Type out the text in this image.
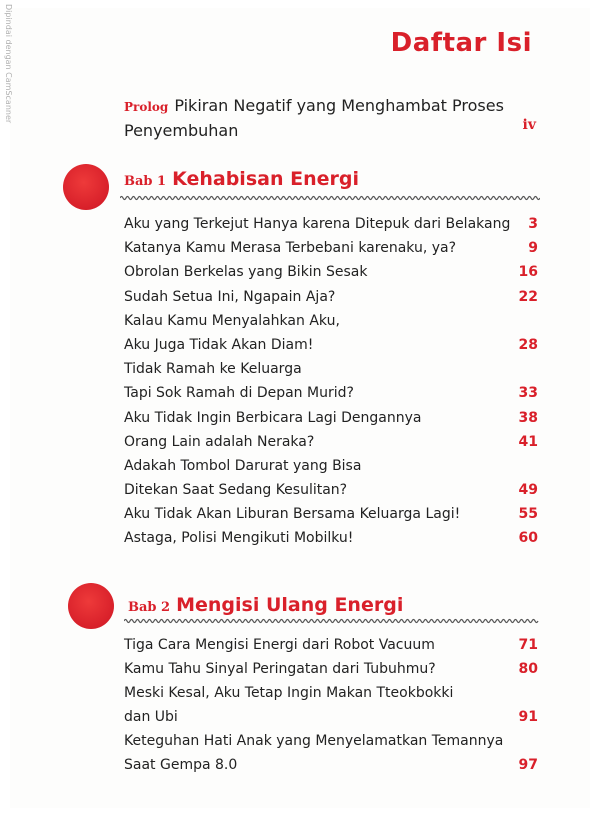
Dipindai dengan CamScanner	Daftar Isi
Prolog Pikiran Negatif yang Menghambat Proses Penyembuhan	iv
Bab 1 Kehabisan Energi
Aku yang Terkejut Hanya karena Ditepuk dari Belakang	3
Katanya Kamu Merasa Terbebani karenaku, ya?	9
Obrolan Berkelas yang Bikin Sesak	16
Sudah Setua Ini, Ngapain Aja?	22
Kalau Kamu Menyalahkan Aku,
Aku Juga Tidak Akan Diam!	28
Tidak Ramah ke Keluarga
Tapi Sok Ramah di Depan Murid?	33
Aku Tidak Ingin Berbicara Lagi Dengannya	38
Orang Lain adalah Neraka?	41
Adakah Tombol Darurat yang Bisa
Ditekan Saat Sedang Kesulitan?	49
Aku Tidak Akan Liburan Bersama Keluarga Lagi!	55
Astaga, Polisi Mengikuti Mobilku!	60
Bab 2 Mengisi Ulang Energi
Tiga Cara Mengisi Energi dari Robot Vacuum	71
Kamu Tahu Sinyal Peringatan dari Tubuhmu?	80
Meski Kesal, Aku Tetap Ingin Makan Tteokbokki
dan Ubi	91
Keteguhan Hati Anak yang Menyelamatkan Temannya
Saat Gempa 8.0	97
